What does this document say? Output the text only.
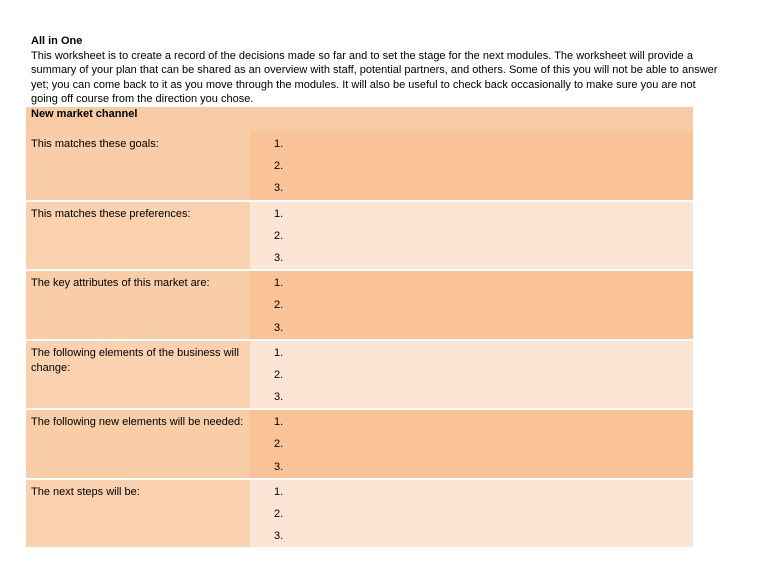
All in One
This worksheet is to create a record of the decisions made so far and to set the stage for the next modules. The worksheet will provide a summary of your plan that can be shared as an overview with staff, potential partners, and others. Some of this you will not be able to answer yet; you can come back to it as you move through the modules. It will also be useful to check back occasionally to make sure you are not going off course from the direction you chose.
New market channel	
This matches these goals:	1.
2.
3.

This matches these preferences:	1.
2.
3.

The key attributes of this market are:	1.
2.
3.

The following elements of the business will change:	1.
2.
3.

The following new elements will be needed:	1.
2.
3.

The next steps will be:	1.
2.
3.
